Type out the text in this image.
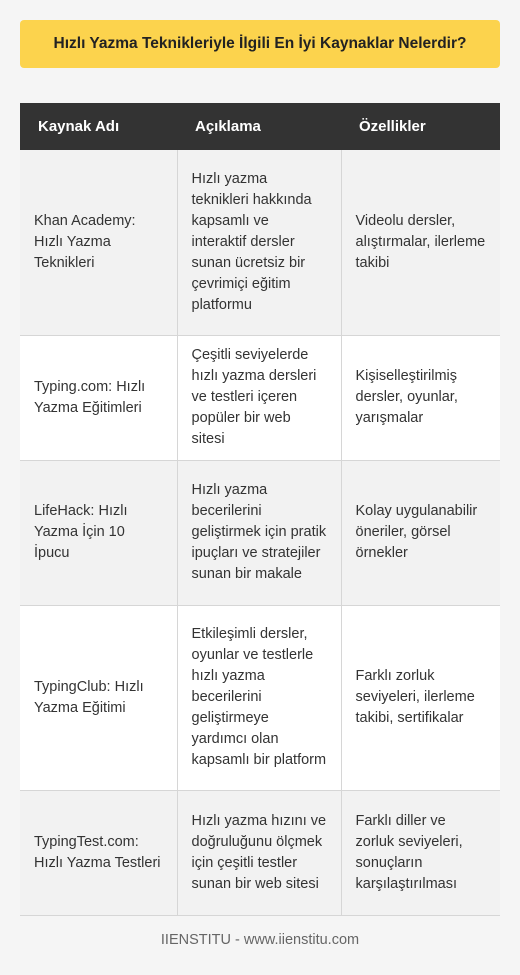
Hızlı Yazma Teknikleriyle İlgili En İyi Kaynaklar Nelerdir?
Kaynak Adı	Açıklama	Özellikler
Khan Academy: Hızlı Yazma Teknikleri	Hızlı yazma teknikleri hakkında kapsamlı ve interaktif dersler sunan ücretsiz bir çevrimiçi eğitim platformu	Videolu dersler, alıştırmalar, ilerleme takibi
Typing.com: Hızlı Yazma Eğitimleri	Çeşitli seviyelerde hızlı yazma dersleri ve testleri içeren popüler bir web sitesi	Kişiselleştirilmiş dersler, oyunlar, yarışmalar
LifeHack: Hızlı Yazma İçin 10 İpucu	Hızlı yazma becerilerini geliştirmek için pratik ipuçları ve stratejiler sunan bir makale	Kolay uygulanabilir öneriler, görsel örnekler
TypingClub: Hızlı Yazma Eğitimi	Etkileşimli dersler, oyunlar ve testlerle hızlı yazma becerilerini geliştirmeye yardımcı olan kapsamlı bir platform	Farklı zorluk seviyeleri, ilerleme takibi, sertifikalar
TypingTest.com: Hızlı Yazma Testleri	Hızlı yazma hızını ve doğruluğunu ölçmek için çeşitli testler sunan bir web sitesi	Farklı diller ve zorluk seviyeleri, sonuçların karşılaştırılması
IIENSTITU - www.iienstitu.com
